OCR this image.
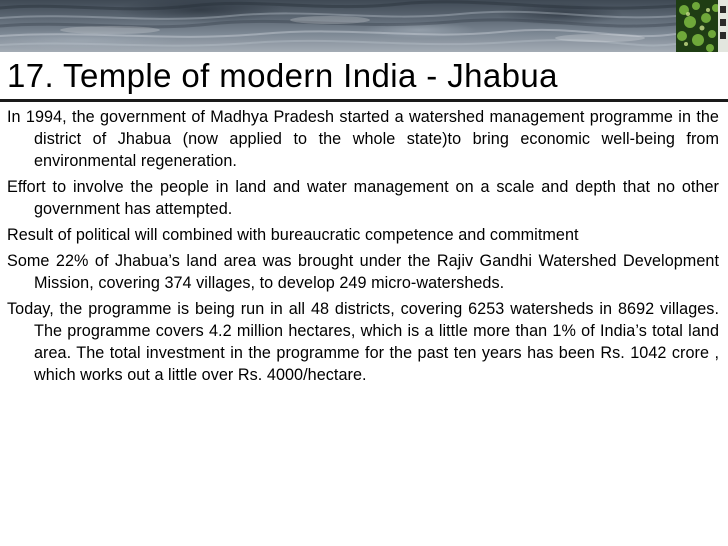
17. Temple of modern India - Jhabua
In 1994, the government of Madhya Pradesh started a watershed management programme in the district of Jhabua (now applied to the whole state)to bring economic well-being from environmental regeneration.
Effort to involve the people in land and water management on a scale and depth that no other government has attempted.
Result of political will combined with bureaucratic competence and commitment
Some 22% of Jhabua’s land area was brought under the Rajiv Gandhi Watershed Development Mission, covering 374 villages, to develop 249 micro-watersheds.
Today, the programme is being run in all 48 districts, covering 6253 watersheds in 8692 villages. The programme covers 4.2 million hectares, which is a little more than 1% of India’s total land area. The total investment in the programme for the past ten years has been Rs. 1042 crore , which works out a little over Rs. 4000/hectare.
